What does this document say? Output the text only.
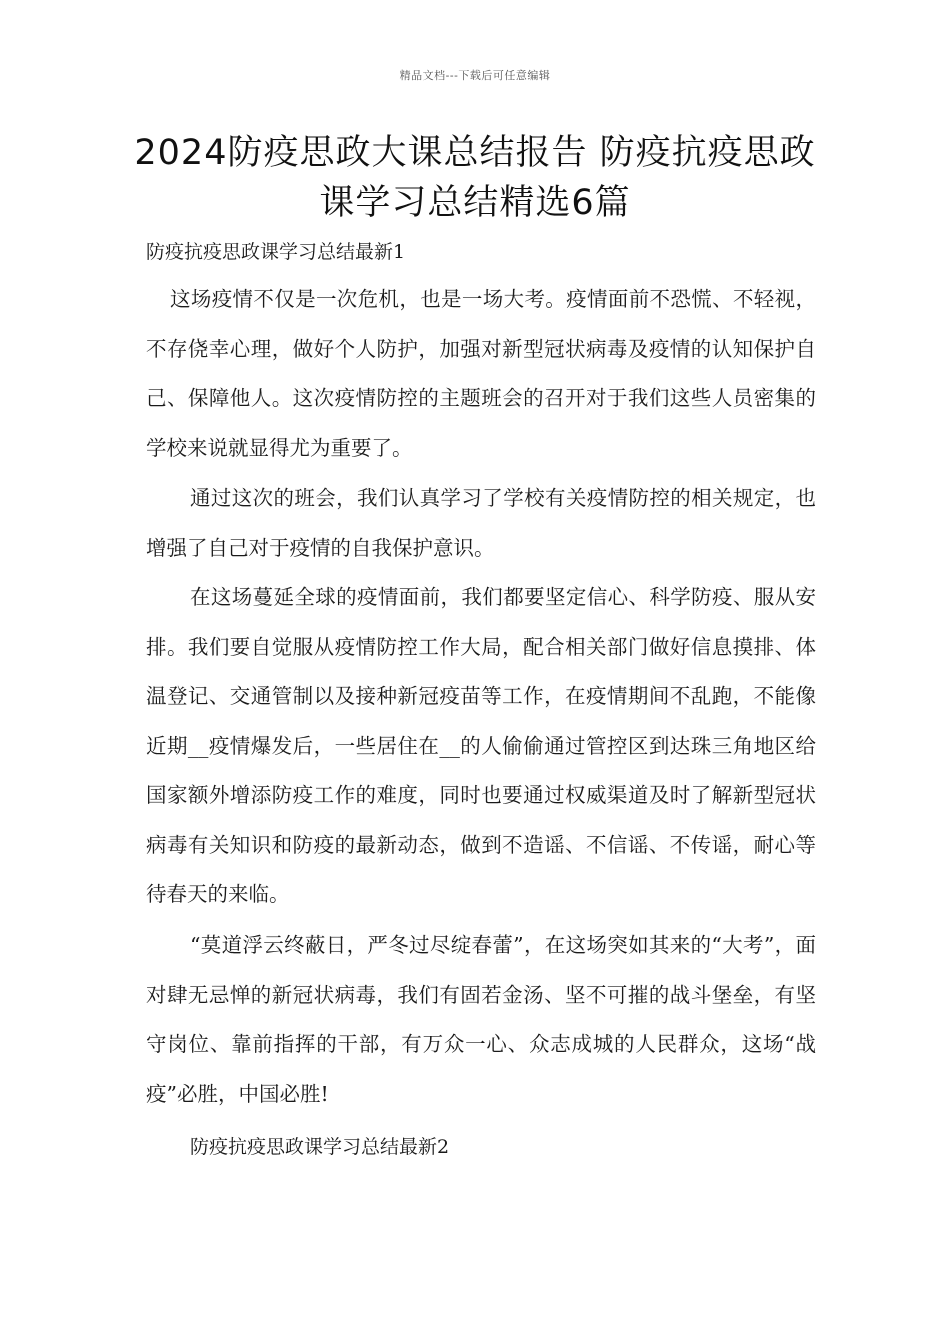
精品文档---下载后可任意编辑
2024防疫思政大课总结报告 防疫抗疫思政课学习总结精选6篇
防疫抗疫思政课学习总结最新1

这场疫情不仅是一次危机，也是一场大考。疫情面前不恐慌、不轻视，不存侥幸心理，做好个人防护，加强对新型冠状病毒及疫情的认知保护自己、保障他人。这次疫情防控的主题班会的召开对于我们这些人员密集的学校来说就显得尤为重要了。

通过这次的班会，我们认真学习了学校有关疫情防控的相关规定，也增强了自己对于疫情的自我保护意识。

在这场蔓延全球的疫情面前，我们都要坚定信心、科学防疫、服从安排。我们要自觉服从疫情防控工作大局，配合相关部门做好信息摸排、体温登记、交通管制以及接种新冠疫苗等工作，在疫情期间不乱跑，不能像近期__疫情爆发后，一些居住在__的人偷偷通过管控区到达珠三角地区给国家额外增添防疫工作的难度，同时也要通过权威渠道及时了解新型冠状病毒有关知识和防疫的最新动态，做到不造谣、不信谣、不传谣，耐心等待春天的来临。

“莫道浮云终蔽日，严冬过尽绽春蕾”，在这场突如其来的“大考”，面对肆无忌惮的新冠状病毒，我们有固若金汤、坚不可摧的战斗堡垒，有坚守岗位、靠前指挥的干部，有万众一心、众志成城的人民群众，这场“战疫”必胜，中国必胜!

防疫抗疫思政课学习总结最新2
